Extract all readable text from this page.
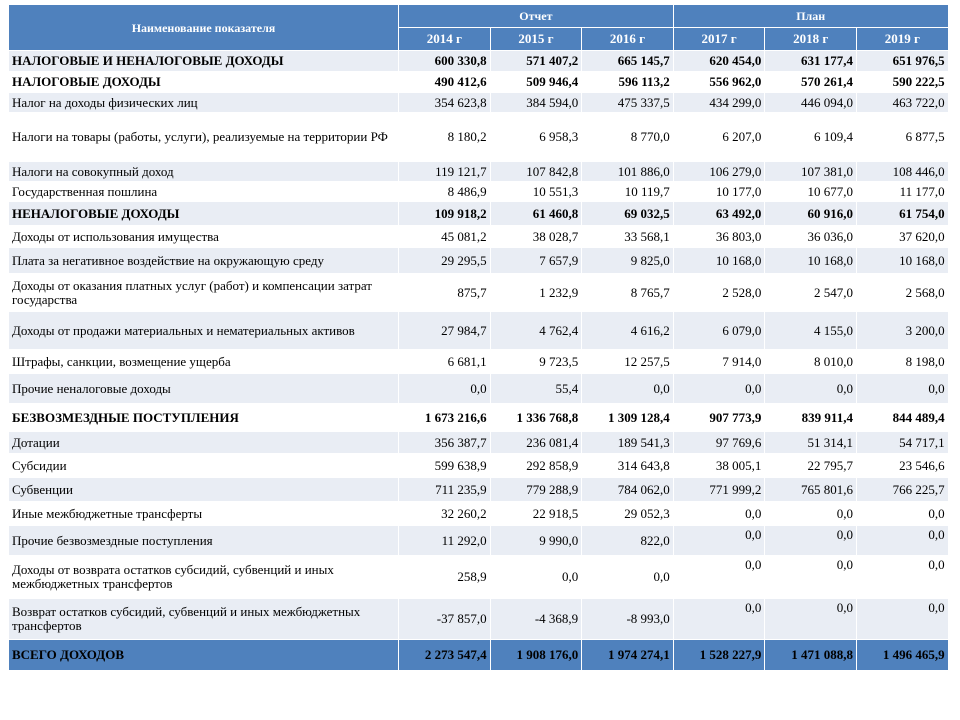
Наименование показателя	Отчет			План		
	2014 г	2015 г	2016 г	2017 г	2018 г	2019 г
НАЛОГОВЫЕ И НЕНАЛОГОВЫЕ ДОХОДЫ	600 330,8	571 407,2	665 145,7	620 454,0	631 177,4	651 976,5
НАЛОГОВЫЕ ДОХОДЫ	490 412,6	509 946,4	596 113,2	556 962,0	570 261,4	590 222,5
Налог на доходы физических лиц	354 623,8	384 594,0	475 337,5	434 299,0	446 094,0	463 722,0
Налоги на товары (работы, услуги), реализуемые на территории РФ	8 180,2	6 958,3	8 770,0	6 207,0	6 109,4	6 877,5
Налоги на совокупный доход	119 121,7	107 842,8	101 886,0	106 279,0	107 381,0	108 446,0
Государственная пошлина	8 486,9	10 551,3	10 119,7	10 177,0	10 677,0	11 177,0
НЕНАЛОГОВЫЕ ДОХОДЫ	109 918,2	61 460,8	69 032,5	63 492,0	60 916,0	61 754,0
Доходы от использования имущества	45 081,2	38 028,7	33 568,1	36 803,0	36 036,0	37 620,0
Плата за негативное воздействие на окружающую среду	29 295,5	7 657,9	9 825,0	10 168,0	10 168,0	10 168,0
Доходы от оказания платных услуг (работ) и компенсации затрат государства	875,7	1 232,9	8 765,7	2 528,0	2 547,0	2 568,0
Доходы от продажи материальных и нематериальных активов	27 984,7	4 762,4	4 616,2	6 079,0	4 155,0	3 200,0
Штрафы, санкции, возмещение ущерба	6 681,1	9 723,5	12 257,5	7 914,0	8 010,0	8 198,0
Прочие неналоговые доходы	0,0	55,4	0,0	0,0	0,0	0,0
БЕЗВОЗМЕЗДНЫЕ ПОСТУПЛЕНИЯ	1 673 216,6	1 336 768,8	1 309 128,4	907 773,9	839 911,4	844 489,4
Дотации	356 387,7	236 081,4	189 541,3	97 769,6	51 314,1	54 717,1
Субсидии	599 638,9	292 858,9	314 643,8	38 005,1	22 795,7	23 546,6
Субвенции	711 235,9	779 288,9	784 062,0	771 999,2	765 801,6	766 225,7
Иные межбюджетные трансферты	32 260,2	22 918,5	29 052,3	0,0	0,0	0,0
Прочие безвозмездные поступления	11 292,0	9 990,0	822,0	0,0	0,0	0,0
Доходы от возврата остатков субсидий, субвенций и иных межбюджетных трансфертов	258,9	0,0	0,0	0,0	0,0	0,0
Возврат остатков субсидий, субвенций и иных межбюджетных трансфертов	-37 857,0	-4 368,9	-8 993,0	0,0	0,0	0,0
ВСЕГО ДОХОДОВ	2 273 547,4	1 908 176,0	1 974 274,1	1 528 227,9	1 471 088,8	1 496 465,9
